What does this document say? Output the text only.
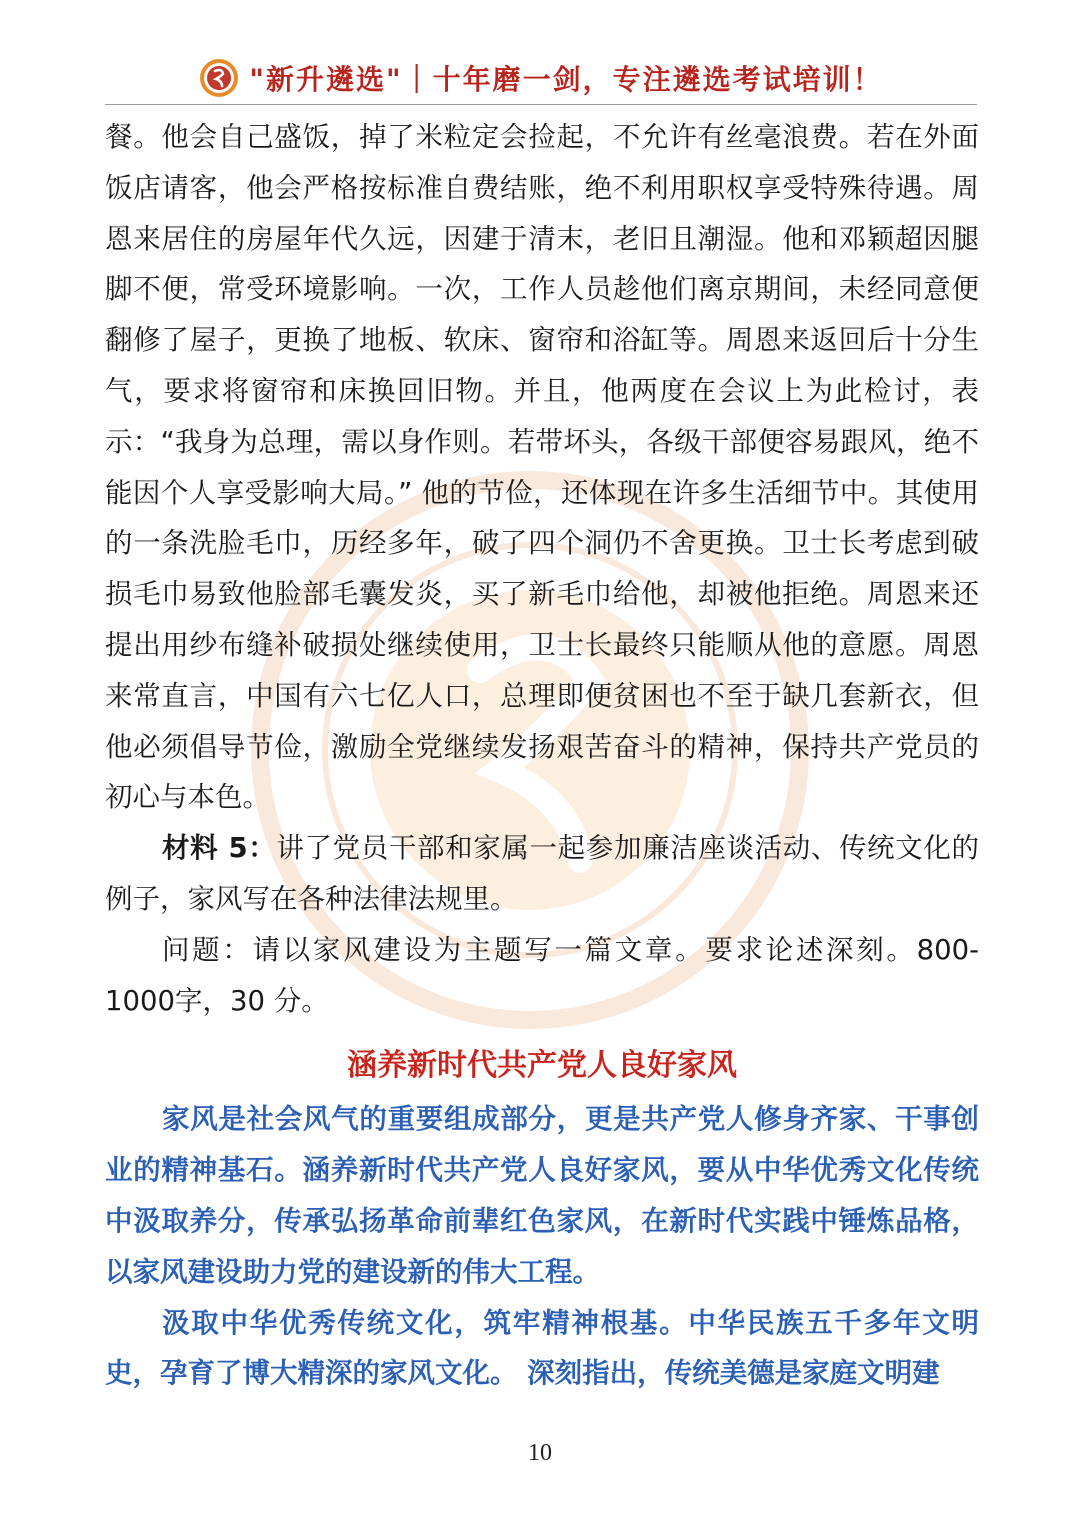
"新升遴选"｜十年磨一剑，专注遴选考试培训！

餐。他会自己盛饭，掉了米粒定会捡起，不允许有丝毫浪费。若在外面饭店请客，他会严格按标准自费结账，绝不利用职权享受特殊待遇。周恩来居住的房屋年代久远，因建于清末，老旧且潮湿。他和邓颖超因腿脚不便，常受环境影响。一次，工作人员趁他们离京期间，未经同意便翻修了屋子，更换了地板、软床、窗帘和浴缸等。周恩来返回后十分生气，要求将窗帘和床换回旧物。并且，他两度在会议上为此检讨，表示：“我身为总理，需以身作则。若带坏头，各级干部便容易跟风，绝不能因个人享受影响大局。” 他的节俭，还体现在许多生活细节中。其使用的一条洗脸毛巾，历经多年，破了四个洞仍不舍更换。卫士长考虑到破损毛巾易致他脸部毛囊发炎，买了新毛巾给他，却被他拒绝。周恩来还提出用纱布缝补破损处继续使用，卫士长最终只能顺从他的意愿。周恩来常直言，中国有六七亿人口，总理即便贫困也不至于缺几套新衣，但他必须倡导节俭，激励全党继续发扬艰苦奋斗的精神，保持共产党员的初心与本色。

材料 5：讲了党员干部和家属一起参加廉洁座谈活动、传统文化的例子，家风写在各种法律法规里。

问题：请以家风建设为主题写一篇文章。要求论述深刻。800-1000字，30 分。

涵养新时代共产党人良好家风

家风是社会风气的重要组成部分，更是共产党人修身齐家、干事创业的精神基石。涵养新时代共产党人良好家风，要从中华优秀文化传统中汲取养分，传承弘扬革命前辈红色家风，在新时代实践中锤炼品格，以家风建设助力党的建设新的伟大工程。

汲取中华优秀传统文化，筑牢精神根基。中华民族五千多年文明史，孕育了博大精深的家风文化。 深刻指出，传统美德是家庭文明建

10
